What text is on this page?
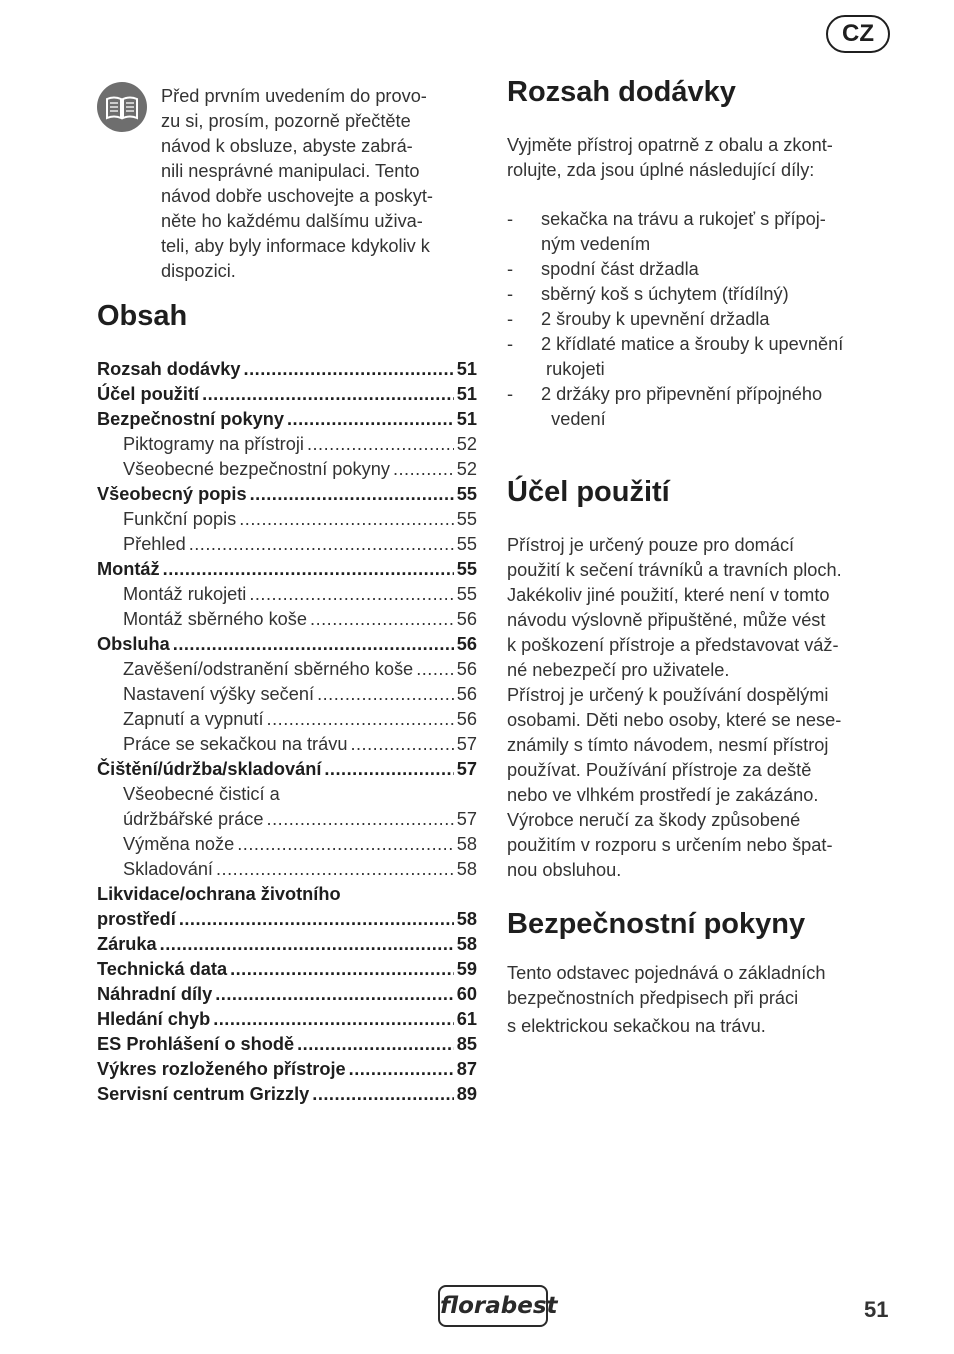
CZ
Před prvním uvedením do provo-
zu si, prosím, pozorně přečtěte
návod k obsluze, abyste zabrá-
nili nesprávné manipulaci. Tento
návod dobře uschovejte a poskyt-
něte ho každému dalšímu uživa-
teli, aby byly informace kdykoliv k
dispozici.
Obsah
Rozsah dodávky .....	51
Účel použití .....	51
Bezpečnostní pokyny .....	51
Piktogramy na přístroji .....	52
Všeobecné bezpečnostní pokyny .....	52
Všeobecný popis .....	55
Funkční popis .....	55
Přehled .....	55
Montáž .....	55
Montáž rukojeti .....	55
Montáž sběrného koše .....	56
Obsluha .....	56
Zavěšení/odstranění sběrného koše ..... 56
Nastavení výšky sečení .....	56
Zapnutí a vypnutí .....	56
Práce se sekačkou na trávu .....	57
Čištění/údržba/skladování .....	57
Všeobecné čisticí a
údržbářské práce .....	57
Výměna nože .....	58
Skladování .....	58
Likvidace/ochrana životního
prostředí .....	58
Záruka .....	58
Technická data .....	59
Náhradní díly .....	60
Hledání chyb .....	61
ES Prohlášení o shodě .....	85
Výkres rozloženého přístroje .....	87
Servisní centrum Grizzly .....	89
Rozsah dodávky
Vyjměte přístroj opatrně z obalu a zkont-
rolujte, zda jsou úplné následující díly:
- sekačka na trávu a rukojeť s přípoj-
ným vedením
- spodní část držadla
- sběrný koš s úchytem (třídílný)
- 2 šrouby k upevnění držadla
- 2 křídlaté matice a šrouby k upevnění
rukojeti
- 2 držáky pro připevnění přípojného
vedení
Účel použití
Přístroj je určený pouze pro domácí
použití k sečení trávníků a travních ploch.
Jakékoliv jiné použití, které není v tomto
návodu výslovně připuštěné, může vést
k poškození přístroje a představovat váž-
né nebezpečí pro uživatele.
Přístroj je určený k používání dospělými
osobami. Děti nebo osoby, které se nese-
známily s tímto návodem, nesmí přístroj
používat. Používání přístroje za deště
nebo ve vlhkém prostředí je zakázáno.
Výrobce neručí za škody způsobené
použitím v rozporu s určením nebo špat-
nou obsluhou.
Bezpečnostní pokyny
Tento odstavec pojednává o základních
bezpečnostních předpisech při práci
s elektrickou sekačkou na trávu.
florabest	51
